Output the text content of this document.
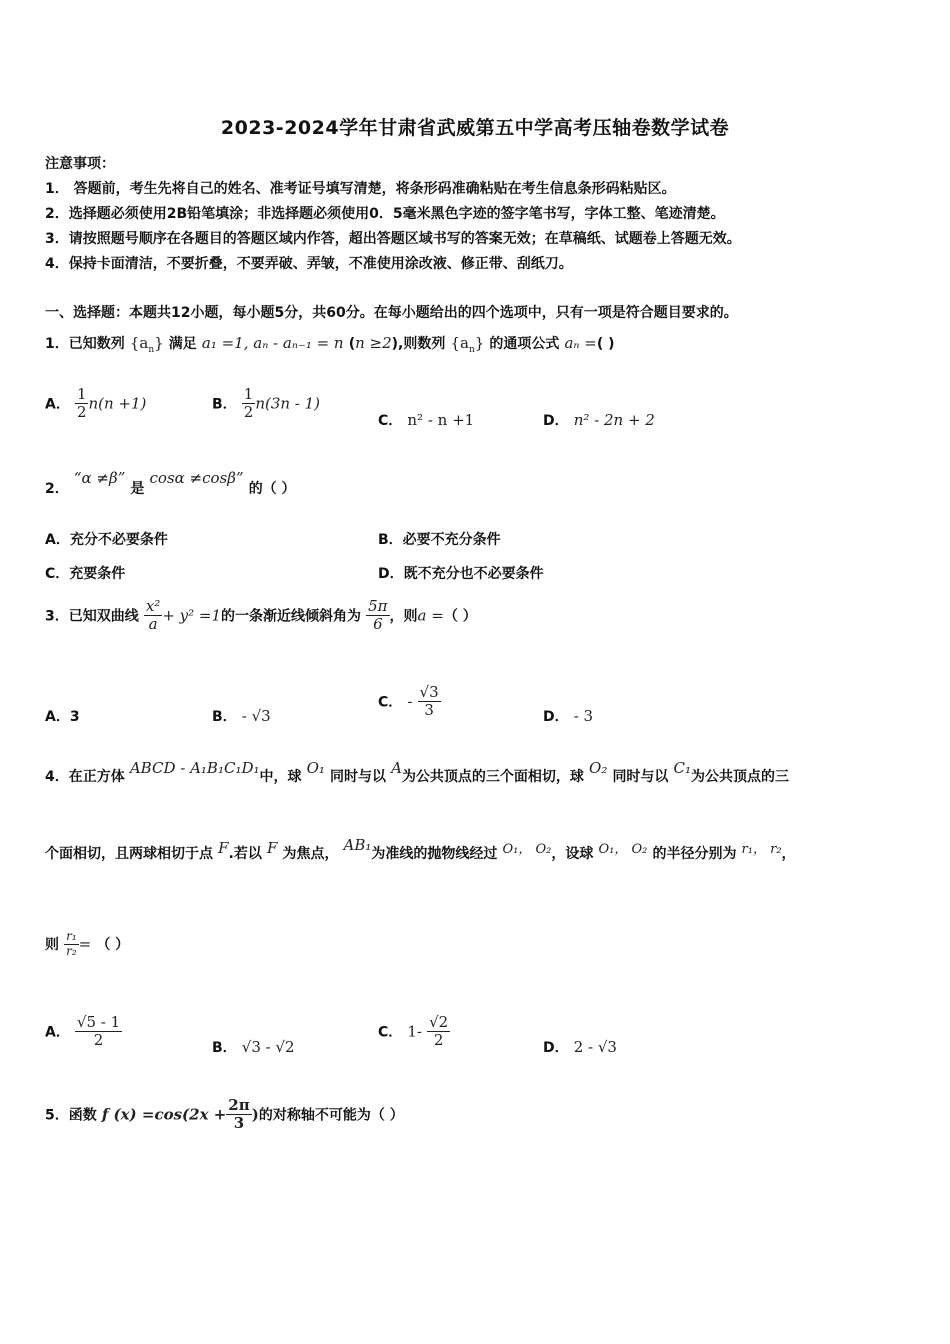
2023-2024学年甘肃省武威第五中学高考压轴卷数学试卷
注意事项：
1． 答题前，考生先将自己的姓名、准考证号填写清楚，将条形码准确粘贴在考生信息条形码粘贴区。
2．选择题必须使用2B铅笔填涂；非选择题必须使用0．5毫米黑色字迹的签字笔书写，字体工整、笔迹清楚。
3．请按照题号顺序在各题目的答题区域内作答，超出答题区域书写的答案无效；在草稿纸、试题卷上答题无效。
4．保持卡面清洁，不要折叠，不要弄破、弄皱，不准使用涂改液、修正带、刮纸刀。
一、选择题：本题共12小题，每小题5分，共60分。在每小题给出的四个选项中，只有一项是符合题目要求的。
1．已知数列 $\{a_n\}$ 满足 a₁ =1, aₙ - aₙ₋₁ = n (n ≥2),则数列 $\{a_n\}$ 的通项公式 aₙ =( )
A． $\frac{1}{2} n(n +1)$	B． $\frac{1}{2} n(3n - 1)$
C． n² - n +1	D． n² - 2n + 2
2． “α ≠β” 是 cosα ≠cosβ” 的（ ）
A．充分不必要条件	B．必要不充分条件
C．充要条件	D．既不充分也不必要条件
3．已知双曲线 $\frac{\text{x²}}{a} + y^2 =1$的一条渐近线倾斜角为 $\frac{5\pi}{6}$ ，则a =（ ）
A．3	B． - √3
C． - $\frac{√3}{3}$	D． - 3
4．在正方体 ABCD - A₁B₁C₁D₁中，球 O₁ 同时与以 A为公共顶点的三个面相切，球 O₂ 同时与以 C₁为公共顶点的三
个面相切，且两球相切于点 F.若以 F 为焦点， AB₁为准线的抛物线经过 $^{O_1, O_2}$，设球 $^{O_1, O_2}$ 的半径分别为 $^{r_1, r_2}$，
则 $\frac{\text{r₁}}{\text{r₂}}$ = （ ）
A． $\frac{√5 - 1}{2}$	B． √3 - √2
C． $1- \frac{√2}{2}$	D． 2 - √3
5．函数 f $(x) =\cos(2x + \frac{2\pi}{3}$ )的对称轴不可能为（ ）
